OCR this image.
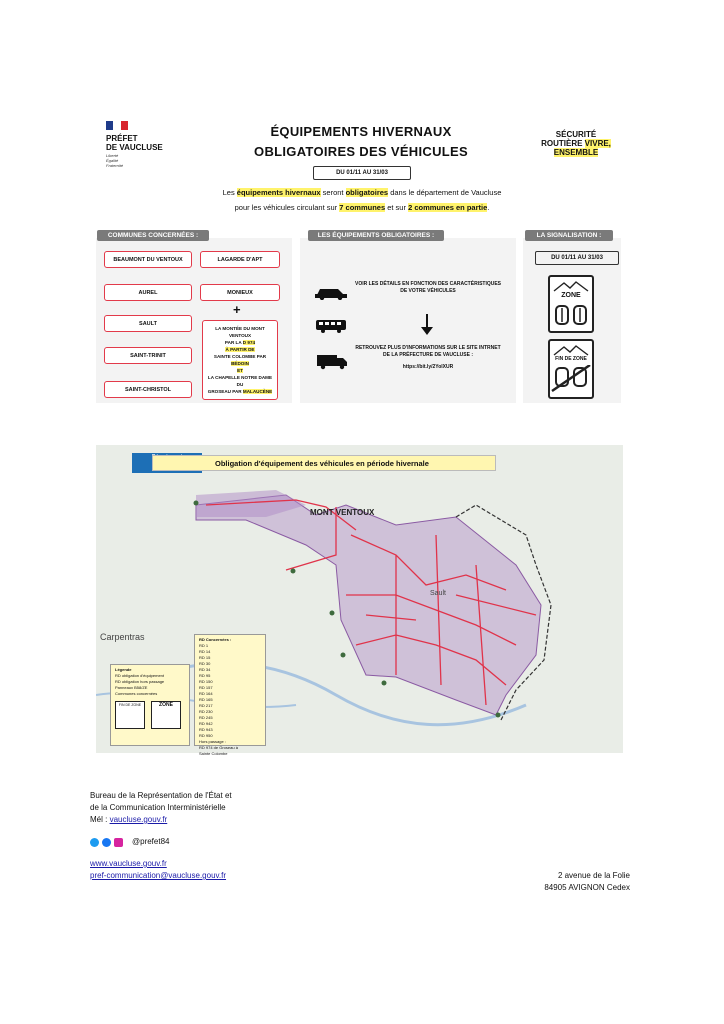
PRÉFET
DE VAUCLUSE
Liberté
Égalité
Fraternité
ÉQUIPEMENTS HIVERNAUX
OBLIGATOIRES DES VÉHICULES
SÉCURITÉ
ROUTIÈRE VIVRE,
ENSEMBLE
DU 01/11 AU 31/03
Les équipements hivernaux seront obligatoires dans le département de Vaucluse
pour les véhicules circulant sur 7 communes et sur 2 communes en partie.
COMMUNES CONCERNÉES :	LES ÉQUIPEMENTS OBLIGATOIRES :	LA SIGNALISATION :
BEAUMONT DU VENTOUX
AUREL
SAULT
SAINT-TRINIT
SAINT-CHRISTOL
LAGARDE D'APT
MONIEUX
+
LA MONTÉE DU MONT
VENTOUX
PAR LA D 974
À PARTIR DE
SAINTE COLOMBE PAR BÉDOIN
ET
LA CHAPELLE NOTRE DAME DU
GROSEAU PAR MALAUCÈNE
VOIR LES DÉTAILS EN FONCTION DES CARACTÉRISTIQUES DE VOTRE VÉHICULES
RETROUVEZ PLUS D'INFORMATIONS SUR LE SITE INTRNET DE LA PRÉFECTURE DE VAUCLUSE :
https://bit.ly/2YolXUR
DU 01/11 AU 31/03
ZONE
FIN DE ZONE
Obligation d'équipement des véhicules en période hivernale
Carpentras
Sault
MONT VENTOUX
RD Concernées :
RD 1
RD 14
RD 15
RD 30
RD 34
RD 95
RD 150
RD 157
RD 164
RD 165
RD 217
RD 230
RD 245
RD 942
RD 943
RD 950
Hors passage :
RD 974 de Groseau à
Sainte Colombe
Légende
RD obligation d'équipement
RD obligation hors passage
Panneaux B58/ZE
Communes concernées
FIN DE ZONE	ZONE
Bureau de la Représentation de l'État et
de la Communication Interministérielle
Mél : vaucluse.gouv.fr
@prefet84
www.vaucluse.gouv.fr
pref-communication@vaucluse.gouv.fr	2 avenue de la Folie
84905 AVIGNON Cedex
